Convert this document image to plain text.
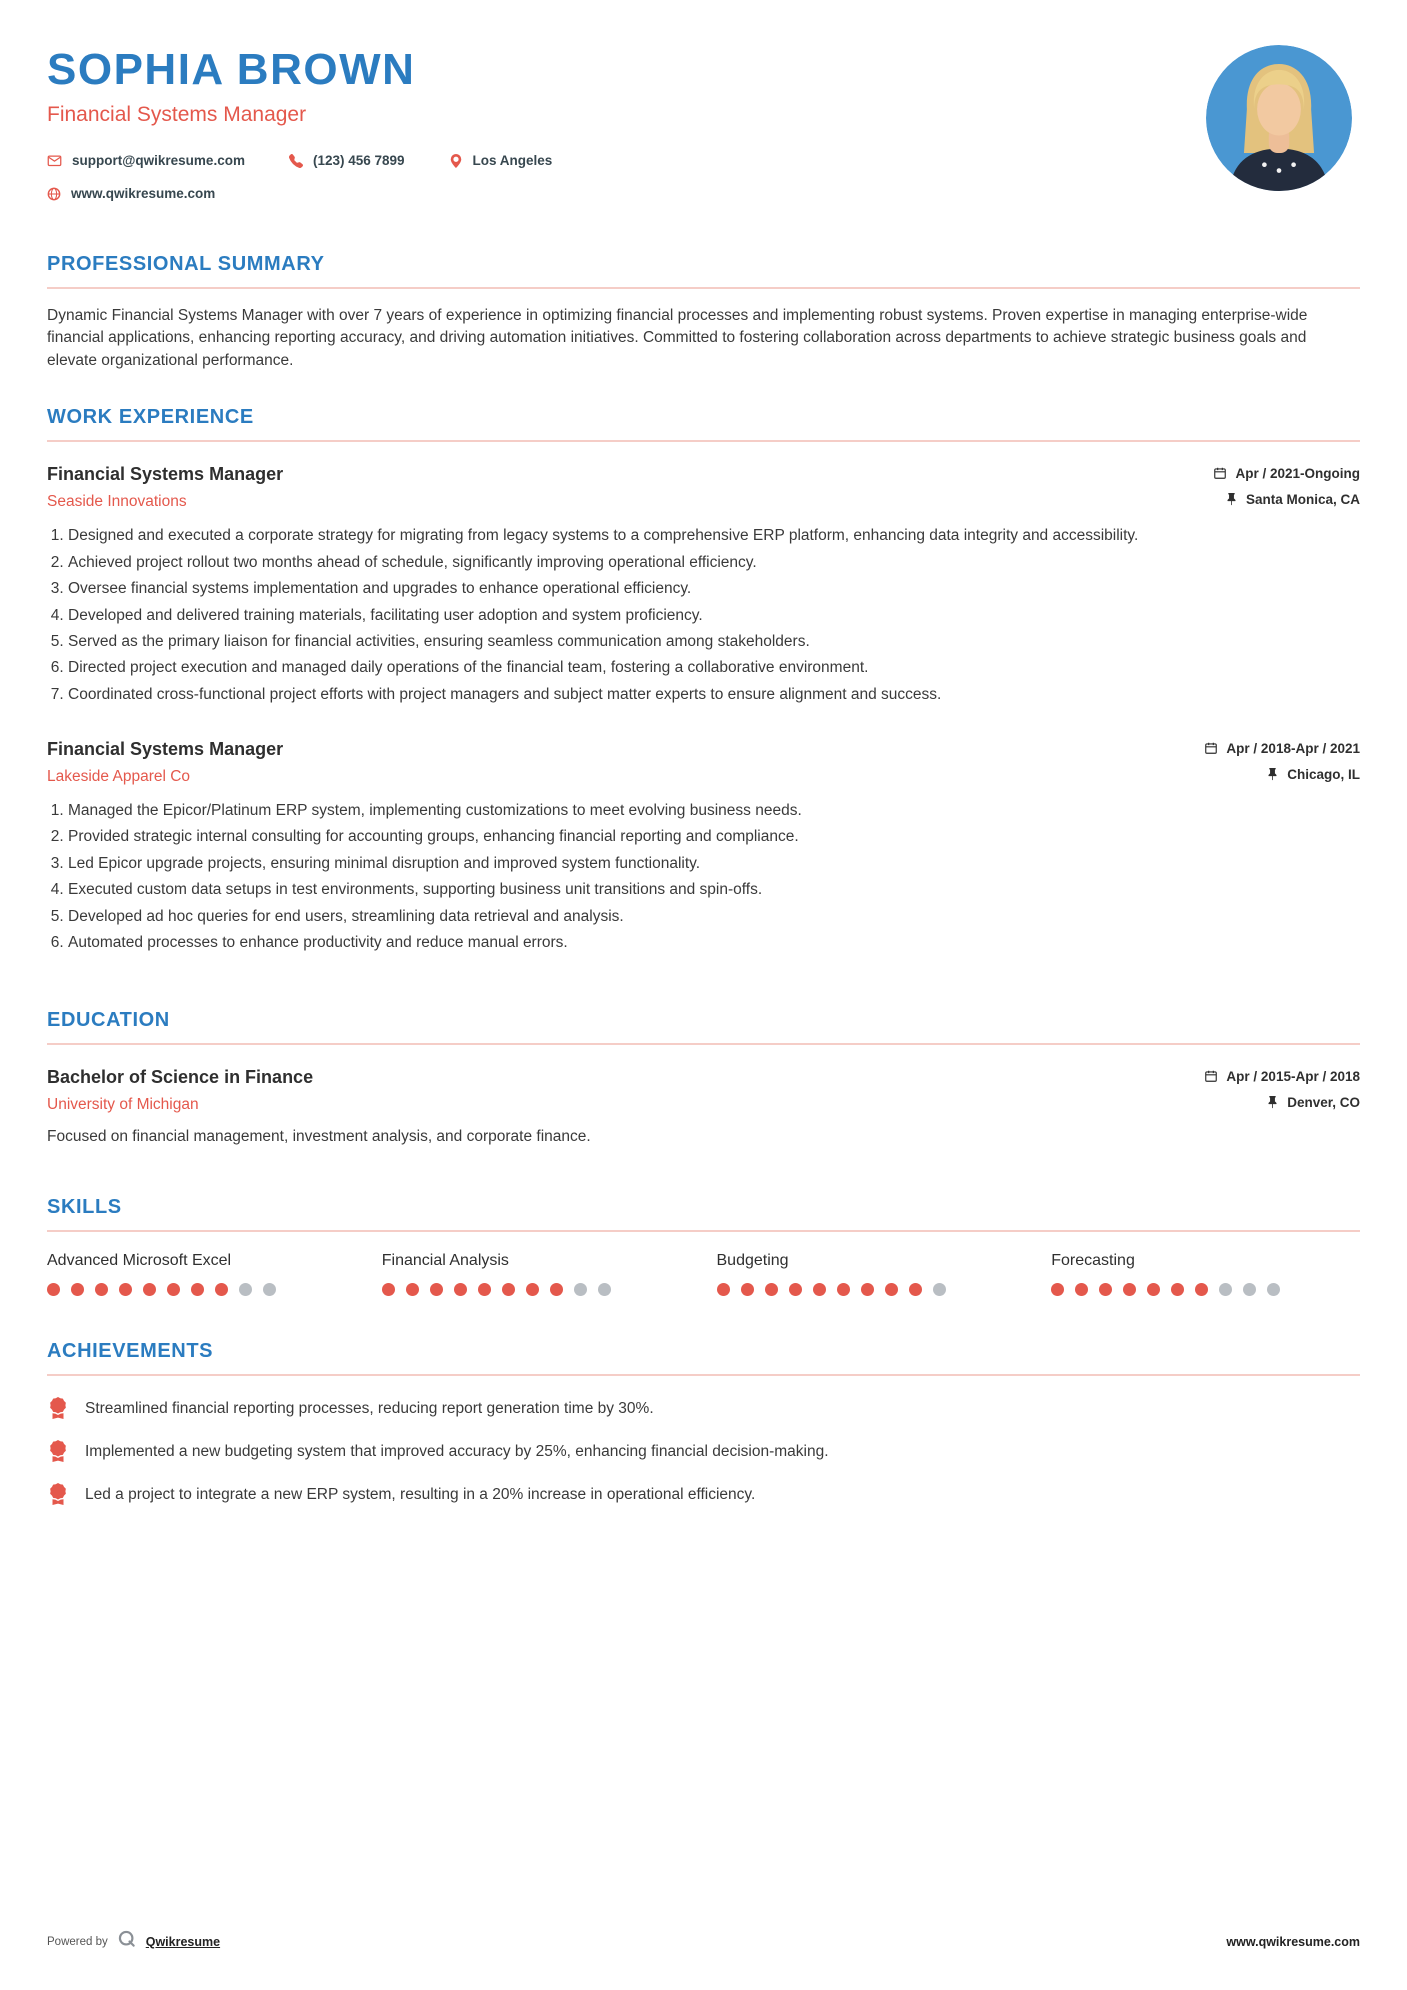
SOPHIA BROWN
Financial Systems Manager
support@qwikresume.com	(123) 456 7899	Los Angeles
www.qwikresume.com
PROFESSIONAL SUMMARY

Dynamic Financial Systems Manager with over 7 years of experience in optimizing financial processes and implementing robust systems. Proven expertise in managing enterprise-wide financial applications, enhancing reporting accuracy, and driving automation initiatives. Committed to fostering collaboration across departments to achieve strategic business goals and elevate organizational performance.

WORK EXPERIENCE
Financial Systems Manager	Apr / 2021-Ongoing
Seaside Innovations	Santa Monica, CA
1. Designed and executed a corporate strategy for migrating from legacy systems to a comprehensive ERP platform, enhancing data integrity and accessibility.
2. Achieved project rollout two months ahead of schedule, significantly improving operational efficiency.
3. Oversee financial systems implementation and upgrades to enhance operational efficiency.
4. Developed and delivered training materials, facilitating user adoption and system proficiency.
5. Served as the primary liaison for financial activities, ensuring seamless communication among stakeholders.
6. Directed project execution and managed daily operations of the financial team, fostering a collaborative environment.
7. Coordinated cross-functional project efforts with project managers and subject matter experts to ensure alignment and success.
Financial Systems Manager	Apr / 2018-Apr / 2021
Lakeside Apparel Co	Chicago, IL
1. Managed the Epicor/Platinum ERP system, implementing customizations to meet evolving business needs.
2. Provided strategic internal consulting for accounting groups, enhancing financial reporting and compliance.
3. Led Epicor upgrade projects, ensuring minimal disruption and improved system functionality.
4. Executed custom data setups in test environments, supporting business unit transitions and spin-offs.
5. Developed ad hoc queries for end users, streamlining data retrieval and analysis.
6. Automated processes to enhance productivity and reduce manual errors.
EDUCATION
Bachelor of Science in Finance	Apr / 2015-Apr / 2018
University of Michigan	Denver, CO
Focused on financial management, investment analysis, and corporate finance.
SKILLS
Advanced Microsoft Excel	Financial Analysis	Budgeting	Forecasting
ACHIEVEMENTS
Streamlined financial reporting processes, reducing report generation time by 30%.
Implemented a new budgeting system that improved accuracy by 25%, enhancing financial decision-making.
Led a project to integrate a new ERP system, resulting in a 20% increase in operational efficiency.
Powered by	Qwikresume	www.qwikresume.com
